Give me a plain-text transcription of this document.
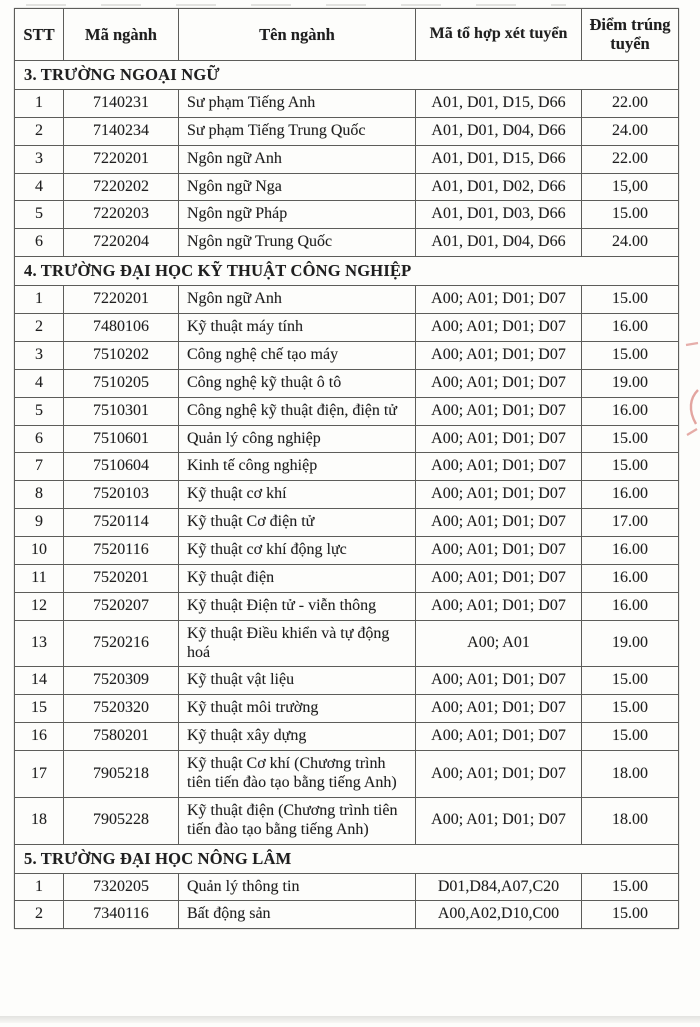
STT	Mã ngành	Tên ngành	Mã tổ hợp xét tuyển	Điểm trúng tuyển
3. TRƯỜNG NGOẠI NGỮ				
1	7140231	Sư phạm Tiếng Anh	A01, D01, D15, D66	22.00
2	7140234	Sư phạm Tiếng Trung Quốc	A01, D01, D04, D66	24.00
3	7220201	Ngôn ngữ Anh	A01, D01, D15, D66	22.00
4	7220202	Ngôn ngữ Nga	A01, D01, D02, D66	15,00
5	7220203	Ngôn ngữ Pháp	A01, D01, D03, D66	15.00
6	7220204	Ngôn ngữ Trung Quốc	A01, D01, D04, D66	24.00
4. TRƯỜNG ĐẠI HỌC KỸ THUẬT CÔNG NGHIỆP				
1	7220201	Ngôn ngữ Anh	A00; A01; D01; D07	15.00
2	7480106	Kỹ thuật máy tính	A00; A01; D01; D07	16.00
3	7510202	Công nghệ chế tạo máy	A00; A01; D01; D07	15.00
4	7510205	Công nghệ kỹ thuật ô tô	A00; A01; D01; D07	19.00
5	7510301	Công nghệ kỹ thuật điện, điện tử	A00; A01; D01; D07	16.00
6	7510601	Quản lý công nghiệp	A00; A01; D01; D07	15.00
7	7510604	Kinh tế công nghiệp	A00; A01; D01; D07	15.00
8	7520103	Kỹ thuật cơ khí	A00; A01; D01; D07	16.00
9	7520114	Kỹ thuật Cơ điện tử	A00; A01; D01; D07	17.00
10	7520116	Kỹ thuật cơ khí động lực	A00; A01; D01; D07	16.00
11	7520201	Kỹ thuật điện	A00; A01; D01; D07	16.00
12	7520207	Kỹ thuật Điện tử - viễn thông	A00; A01; D01; D07	16.00
13	7520216	Kỹ thuật Điều khiển và tự động hoá	A00; A01	19.00
14	7520309	Kỹ thuật vật liệu	A00; A01; D01; D07	15.00
15	7520320	Kỹ thuật môi trường	A00; A01; D01; D07	15.00
16	7580201	Kỹ thuật xây dựng	A00; A01; D01; D07	15.00
17	7905218	Kỹ thuật Cơ khí (Chương trình tiên tiến đào tạo bằng tiếng Anh)	A00; A01; D01; D07	18.00
18	7905228	Kỹ thuật điện (Chương trình tiên tiến đào tạo bằng tiếng Anh)	A00; A01; D01; D07	18.00
5. TRƯỜNG ĐẠI HỌC NÔNG LÂM				
1	7320205	Quản lý thông tin	D01,D84,A07,C20	15.00
2	7340116	Bất động sản	A00,A02,D10,C00	15.00
